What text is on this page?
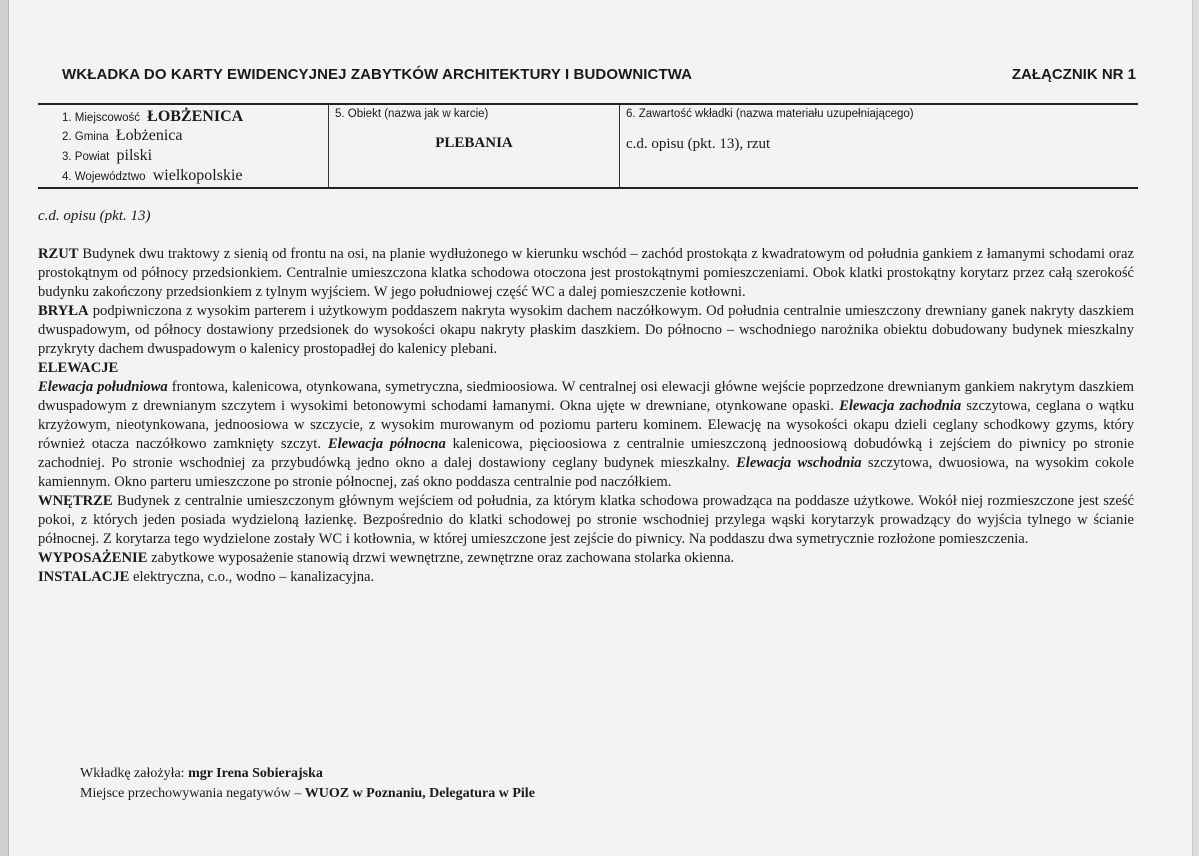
WKŁADKA DO KARTY EWIDENCYJNEJ ZABYTKÓW ARCHITEKTURY I BUDOWNICTWA	ZAŁĄCZNIK NR 1
1. Miejscowość ŁOBŻENICA
2. Gmina Łobżenica
3. Powiat pilski
4. Województwo wielkopolskie
5. Obiekt (nazwa jak w karcie)
PLEBANIA
6. Zawartość wkładki (nazwa materiału uzupełniającego)
c.d. opisu (pkt. 13), rzut
c.d. opisu (pkt. 13)

RZUT Budynek dwu traktowy z sienią od frontu na osi, na planie wydłużonego w kierunku wschód – zachód prostokąta z kwadratowym od południa gankiem z łamanymi schodami oraz prostokątnym od północy przedsionkiem. Centralnie umieszczona klatka schodowa otoczona jest prostokątnymi pomieszczeniami. Obok klatki prostokątny korytarz przez całą szerokość budynku zakończony przedsionkiem z tylnym wyjściem. W jego południowej część WC a dalej pomieszczenie kotłowni.

BRYŁA podpiwniczona z wysokim parterem i użytkowym poddaszem nakryta wysokim dachem naczółkowym. Od południa centralnie umieszczony drewniany ganek nakryty daszkiem dwuspadowym, od północy dostawiony przedsionek do wysokości okapu nakryty płaskim daszkiem. Do północno – wschodniego narożnika obiektu dobudowany budynek mieszkalny przykryty dachem dwuspadowym o kalenicy prostopadłej do kalenicy plebani.

ELEWACJE

Elewacja południowa frontowa, kalenicowa, otynkowana, symetryczna, siedmioosiowa. W centralnej osi elewacji główne wejście poprzedzone drewnianym gankiem nakrytym daszkiem dwuspadowym z drewnianym szczytem i wysokimi betonowymi schodami łamanymi. Okna ujęte w drewniane, otynkowane opaski. Elewacja zachodnia szczytowa, ceglana o wątku krzyżowym, nieotynkowana, jednoosiowa w szczycie, z wysokim murowanym od poziomu parteru kominem. Elewację na wysokości okapu dzieli ceglany schodkowy gzyms, który również otacza naczółkowo zamknięty szczyt. Elewacja północna kalenicowa, pięcioosiowa z centralnie umieszczoną jednoosiową dobudówką i zejściem do piwnicy po stronie zachodniej. Po stronie wschodniej za przybudówką jedno okno a dalej dostawiony ceglany budynek mieszkalny. Elewacja wschodnia szczytowa, dwuosiowa, na wysokim cokole kamiennym. Okno parteru umieszczone po stronie północnej, zaś okno poddasza centralnie pod naczółkiem.

WNĘTRZE Budynek z centralnie umieszczonym głównym wejściem od południa, za którym klatka schodowa prowadząca na poddasze użytkowe. Wokół niej rozmieszczone jest sześć pokoi, z których jeden posiada wydzieloną łazienkę. Bezpośrednio do klatki schodowej po stronie wschodniej przylega wąski korytarzyk prowadzący do wyjścia tylnego w ścianie północnej. Z korytarza tego wydzielone zostały WC i kotłownia, w której umieszczone jest zejście do piwnicy. Na poddaszu dwa symetrycznie rozłożone pomieszczenia.

WYPOSAŻENIE zabytkowe wyposażenie stanowią drzwi wewnętrzne, zewnętrzne oraz zachowana stolarka okienna.

INSTALACJE elektryczna, c.o., wodno – kanalizacyjna.

Wkładkę założyła: mgr Irena Sobierajska
Miejsce przechowywania negatywów – WUOZ w Poznaniu, Delegatura w Pile
